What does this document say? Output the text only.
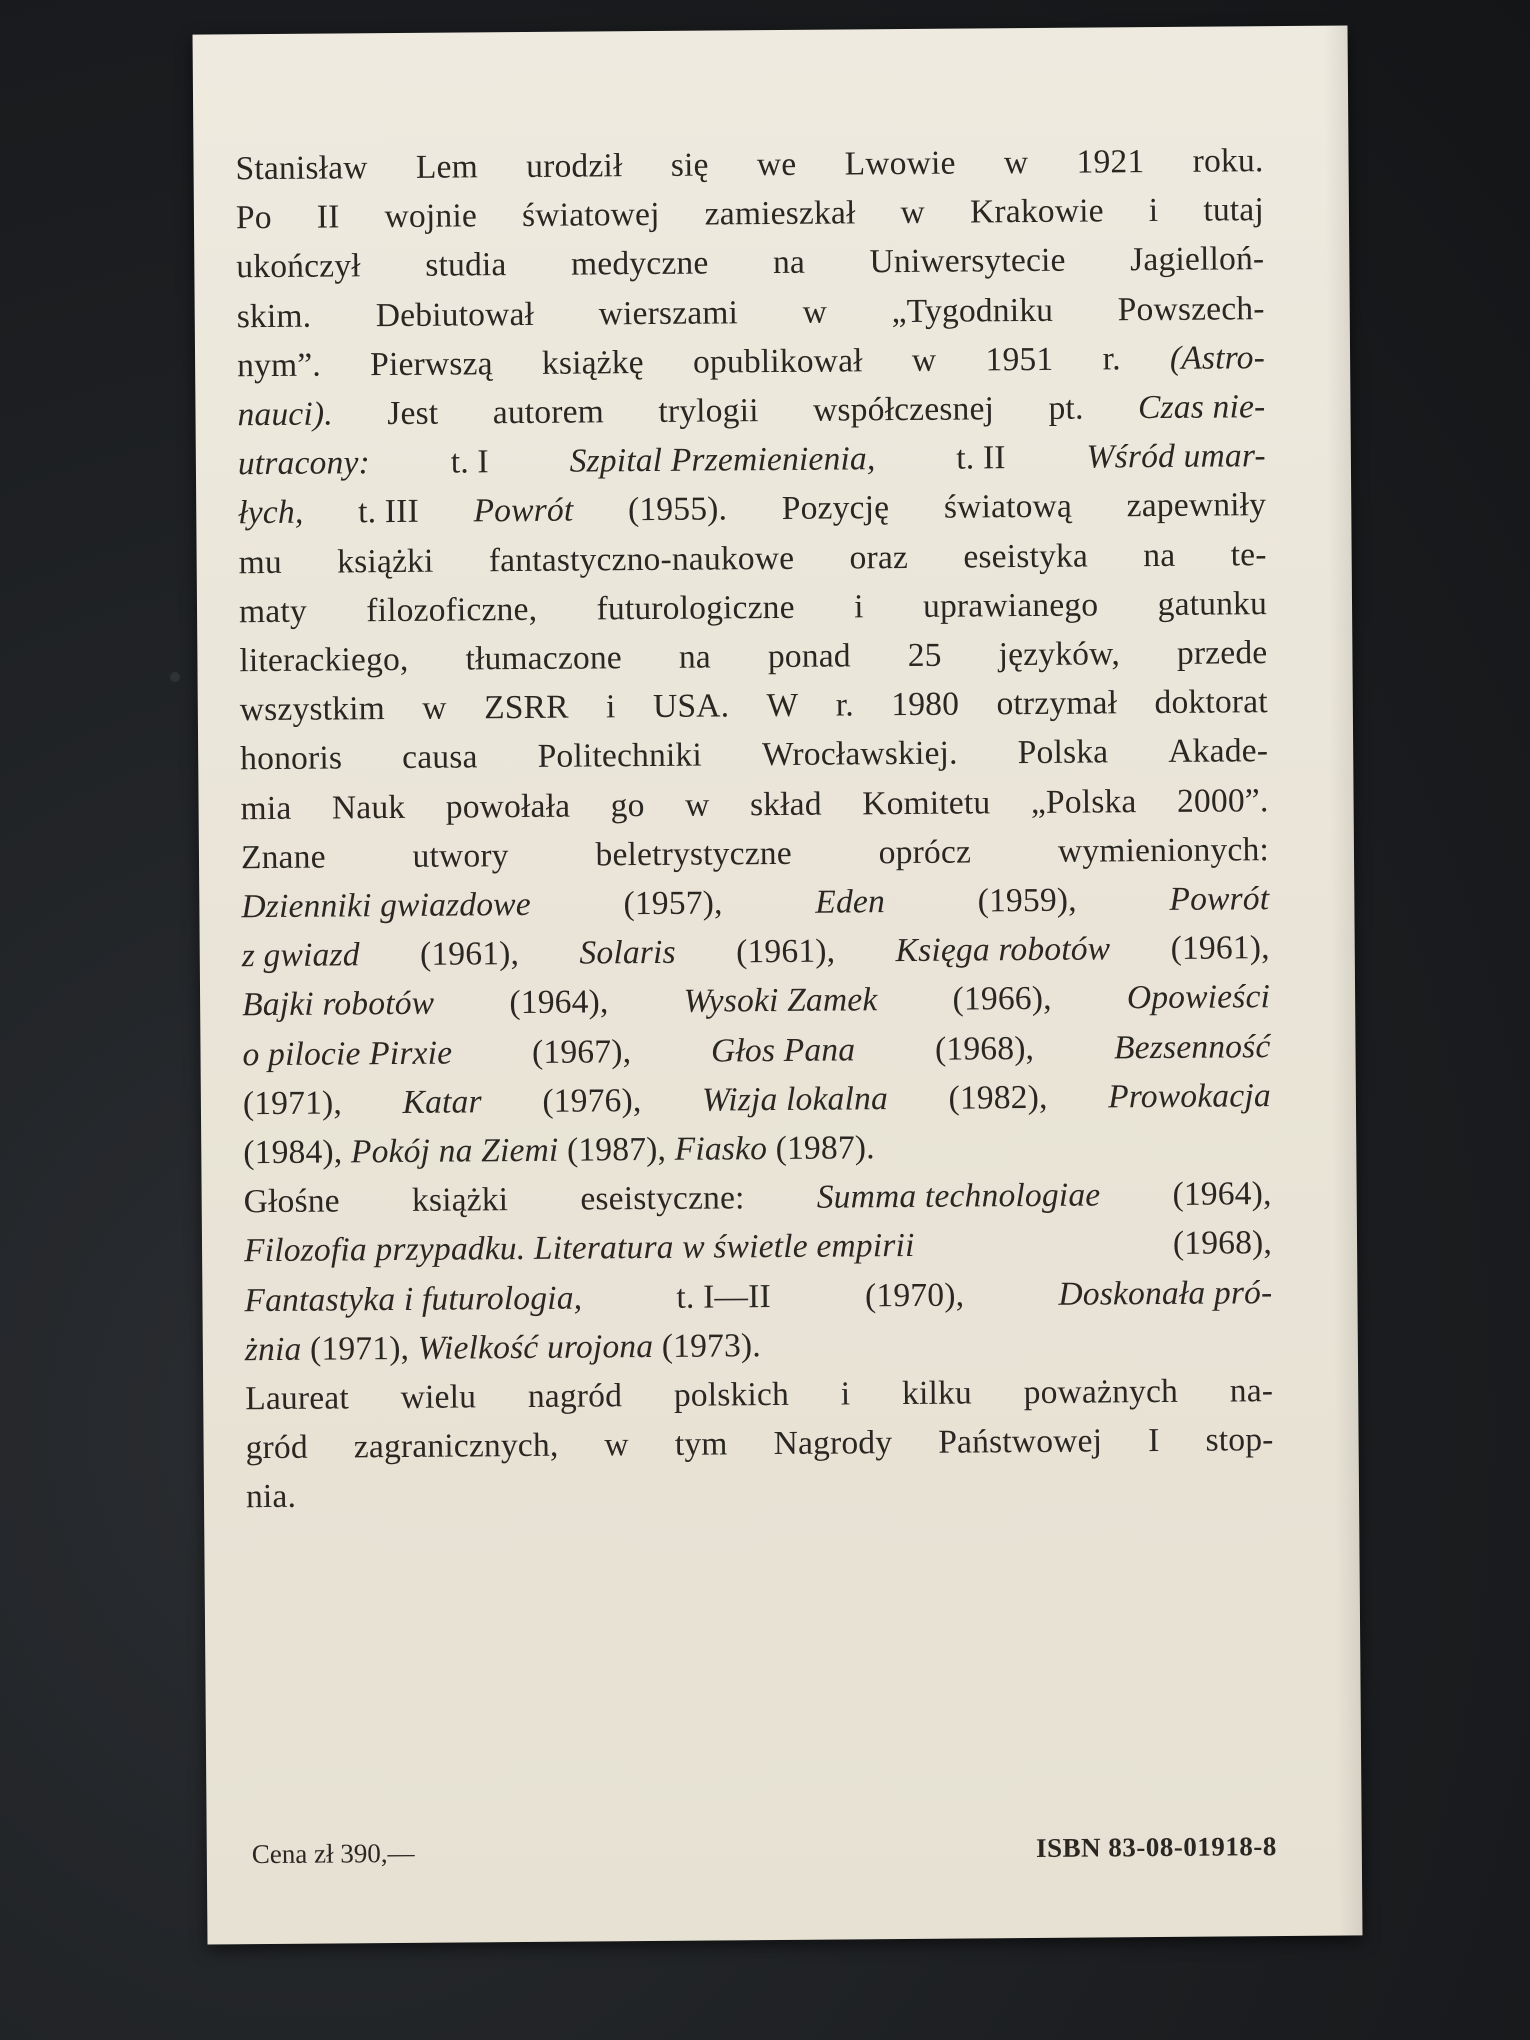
Stanisław Lem urodził się we Lwowie w 1921 roku.
Po II wojnie światowej zamieszkał w Krakowie i tutaj
ukończył studia medyczne na Uniwersytecie Jagielloń-
skim. Debiutował wierszami w „Tygodniku Powszech-
nym”. Pierwszą książkę opublikował w 1951 r. (Astro-
nauci). Jest autorem trylogii współczesnej pt. Czas nie-
utracony: t. I Szpital Przemienienia, t. II Wśród umar-
łych, t. III Powrót (1955). Pozycję światową zapewniły
mu książki fantastyczno-naukowe oraz eseistyka na te-
maty filozoficzne, futurologiczne i uprawianego gatunku
literackiego, tłumaczone na ponad 25 języków, przede
wszystkim w ZSRR i USA. W r. 1980 otrzymał doktorat
honoris causa Politechniki Wrocławskiej. Polska Akade-
mia Nauk powołała go w skład Komitetu „Polska 2000”.
Znane	utwory	beletrystyczne	oprócz	wymienionych:
Dzienniki gwiazdowe	(1957),	Eden	(1959),	Powrót
z gwiazd (1961), Solaris (1961), Księga robotów (1961),
Bajki robotów (1964), Wysoki Zamek (1966), Opowieści
o pilocie Pirxie (1967), Głos Pana (1968), Bezsenność
(1971), Katar (1976), Wizja lokalna (1982), Prowokacja
(1984), Pokój na Ziemi (1987), Fiasko (1987).
Głośne książki eseistyczne: Summa technologiae (1964),
Filozofia przypadku. Literatura w świetle empirii	(1968),
Fantastyka i futurologia,	t. I—II	(1970),	Doskonała pró-
żnia (1971), Wielkość urojona (1973).
Laureat wielu nagród polskich i kilku poważnych na-
gród zagranicznych, w tym Nagrody Państwowej I stop-
nia.
Cena zł 390,—	ISBN 83-08-01918-8
